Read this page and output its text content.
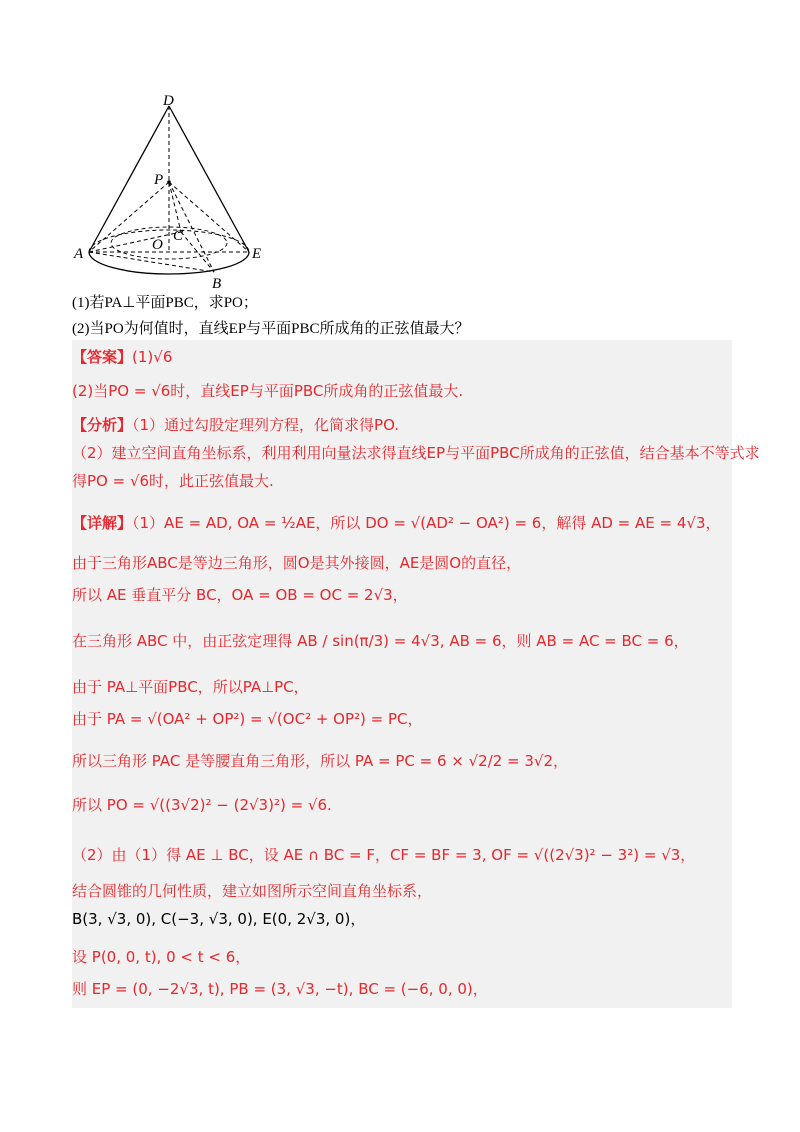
D
P
A
O
C
E
B
(1)若PA⊥平面PBC，求PO；
(2)当PO为何值时，直线EP与平面PBC所成角的正弦值最大？
【答案】(1)√6
(2)当PO = √6时，直线EP与平面PBC所成角的正弦值最大.
【分析】（1）通过勾股定理列方程，化简求得PO.
（2）建立空间直角坐标系，利用利用向量法求得直线EP与平面PBC所成角的正弦值，结合基本不等式求
得PO = √6时，此正弦值最大.
【详解】（1）AE = AD, OA = ½AE，所以 DO = √(AD² − OA²) = 6，解得 AD = AE = 4√3，
由于三角形ABC是等边三角形，圆O是其外接圆，AE是圆O的直径，
所以 AE 垂直平分 BC，OA = OB = OC = 2√3，
在三角形 ABC 中，由正弦定理得 AB / sin(π/3) = 4√3, AB = 6，则 AB = AC = BC = 6，
由于 PA⊥平面PBC，所以PA⊥PC，
由于 PA = √(OA² + OP²) = √(OC² + OP²) = PC，
所以三角形 PAC 是等腰直角三角形，所以 PA = PC = 6 × √2/2 = 3√2，
所以 PO = √((3√2)² − (2√3)²) = √6.
（2）由（1）得 AE ⊥ BC，设 AE ∩ BC = F，CF = BF = 3, OF = √((2√3)² − 3²) = √3，
结合圆锥的几何性质，建立如图所示空间直角坐标系，
B(3, √3, 0), C(−3, √3, 0), E(0, 2√3, 0)，
设 P(0, 0, t), 0 < t < 6，
则 EP = (0, −2√3, t), PB = (3, √3, −t), BC = (−6, 0, 0)，
